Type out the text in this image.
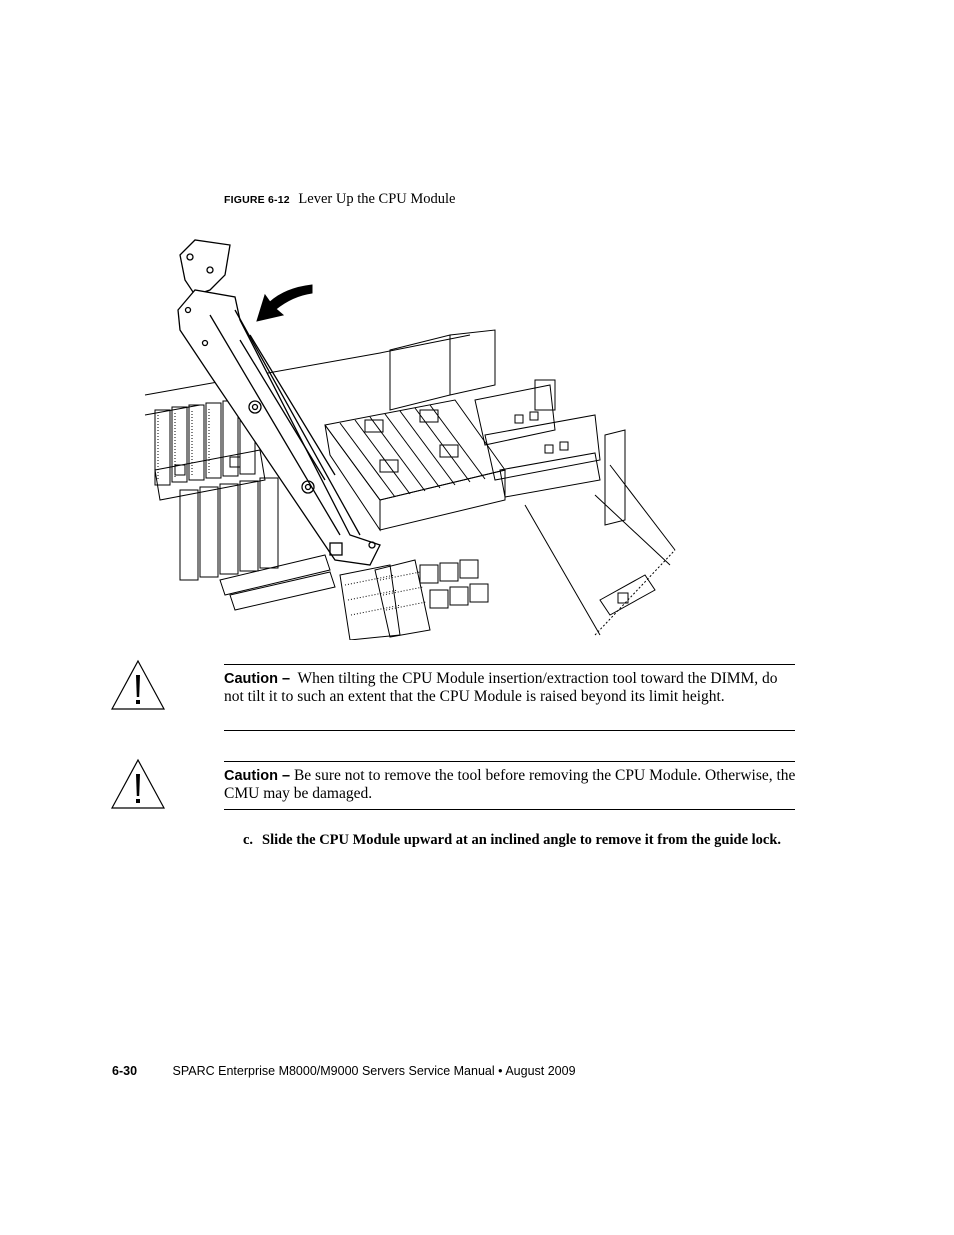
FIGURE 6-12 Lever Up the CPU Module
Caution – When tilting the CPU Module insertion/extraction tool toward the DIMM, do not tilt it to such an extent that the CPU Module is raised beyond its limit height.
Caution – Be sure not to remove the tool before removing the CPU Module. Otherwise, the CMU may be damaged.
c. Slide the CPU Module upward at an inclined angle to remove it from the guide lock.
6-30	SPARC Enterprise M8000/M9000 Servers Service Manual • August 2009
